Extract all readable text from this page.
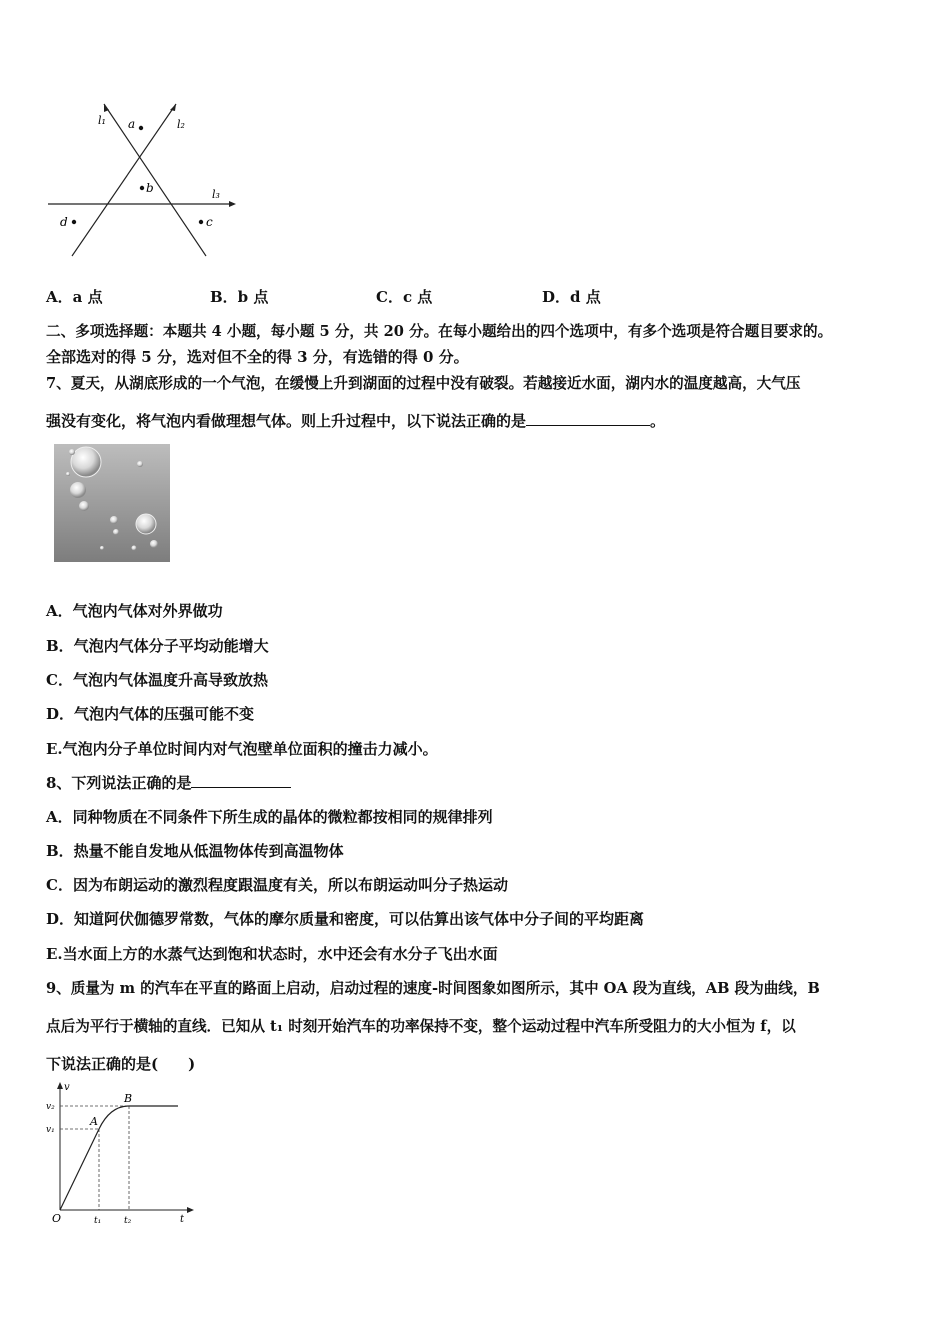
l₁ a	l₂
b	l₃
d	c
A．a 点	B．b 点	C．c 点	D．d 点
二、多项选择题：本题共 4 小题，每小题 5 分，共 20 分。在每小题给出的四个选项中，有多个选项是符合题目要求的。
全部选对的得 5 分，选对但不全的得 3 分，有选错的得 0 分。
7、夏天，从湖底形成的一个气泡，在缓慢上升到湖面的过程中没有破裂。若越接近水面，湖内水的温度越高，大气压
强没有变化，将气泡内看做理想气体。则上升过程中，以下说法正确的是	。
A．气泡内气体对外界做功
B．气泡内气体分子平均动能增大
C．气泡内气体温度升高导致放热
D．气泡内气体的压强可能不变
E.气泡内分子单位时间内对气泡壁单位面积的撞击力减小。
8、下列说法正确的是
A．同种物质在不同条件下所生成的晶体的微粒都按相同的规律排列
B．热量不能自发地从低温物体传到高温物体
C．因为布朗运动的激烈程度跟温度有关，所以布朗运动叫分子热运动
D．知道阿伏伽德罗常数，气体的摩尔质量和密度，可以估算出该气体中分子间的平均距离
E.当水面上方的水蒸气达到饱和状态时，水中还会有水分子飞出水面
9、质量为 m 的汽车在平直的路面上启动，启动过程的速度-时间图象如图所示，其中 OA 段为直线，AB 段为曲线，B
点后为平行于横轴的直线．已知从 t₁ 时刻开始汽车的功率保持不变，整个运动过程中汽车所受阻力的大小恒为 f，以
下说法正确的是(　　)
v
t
O
v₁
v₂
t₁	t₂
A
B
